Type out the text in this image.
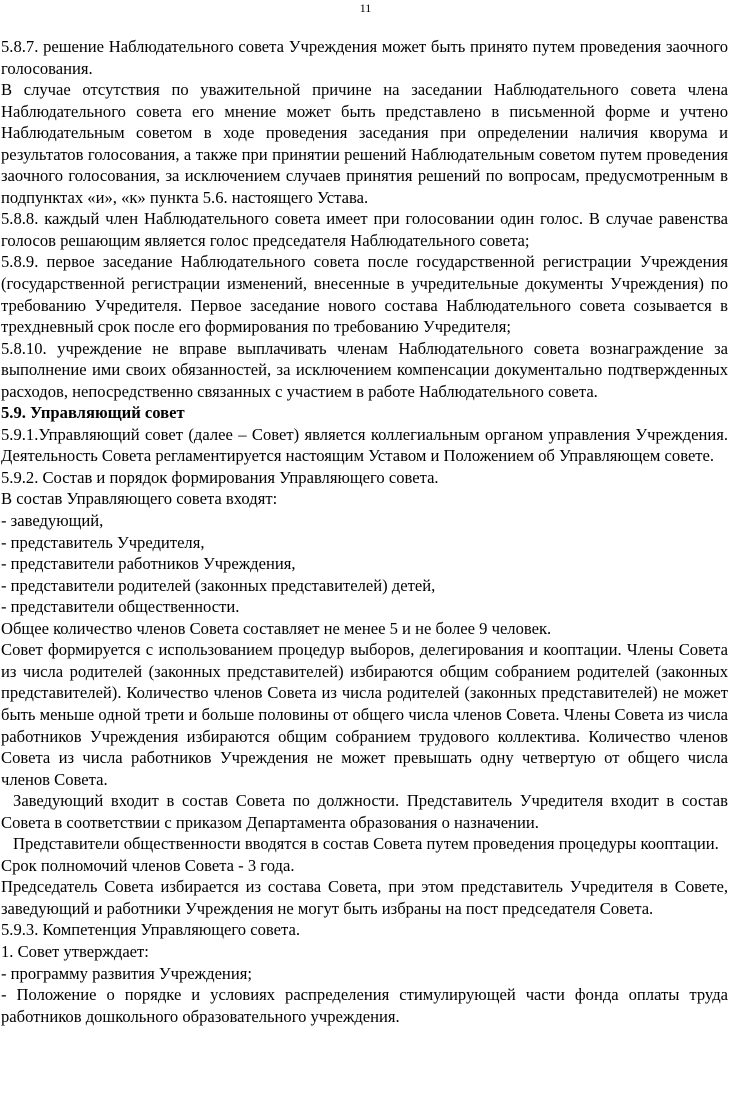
11

5.8.7. решение Наблюдательного совета Учреждения может быть принято путем проведения заочного голосования.

В случае отсутствия по уважительной причине на заседании Наблюдательного совета члена Наблюдательного совета его мнение может быть представлено в письменной форме и учтено Наблюдательным советом в ходе проведения заседания при определении наличия кворума и результатов голосования, а также при принятии решений Наблюдательным советом путем проведения заочного голосования, за исключением случаев принятия решений по вопросам, предусмотренным в подпунктах «и», «к» пункта 5.6. настоящего Устава.

5.8.8. каждый член Наблюдательного совета имеет при голосовании один голос. В случае равенства голосов решающим является голос председателя Наблюдательного совета;

5.8.9. первое заседание Наблюдательного совета после государственной регистрации Учреждения (государственной регистрации изменений, внесенные в учредительные документы Учреждения) по требованию Учредителя. Первое заседание нового состава Наблюдательного совета созывается в трехдневный срок после его формирования по требованию Учредителя;

5.8.10. учреждение не вправе выплачивать членам Наблюдательного совета вознаграждение за выполнение ими своих обязанностей, за исключением компенсации документально подтвержденных расходов, непосредственно связанных с участием в работе Наблюдательного совета.

5.9. Управляющий совет

5.9.1.Управляющий совет (далее – Совет) является коллегиальным органом управления Учреждения. Деятельность Совета регламентируется настоящим Уставом и Положением об Управляющем совете.

5.9.2. Состав и порядок формирования Управляющего совета.

В состав Управляющего совета входят:

- заведующий,

- представитель Учредителя,

- представители работников Учреждения,

- представители родителей (законных представителей) детей,

- представители общественности.

Общее количество членов Совета составляет не менее 5 и не более 9 человек.

Совет формируется с использованием процедур выборов, делегирования и кооптации. Члены Совета из числа родителей (законных представителей) избираются общим собранием родителей (законных представителей). Количество членов Совета из числа родителей (законных представителей) не может быть меньше одной трети и больше половины от общего числа членов Совета. Члены Совета из числа работников Учреждения избираются общим собранием трудового коллектива. Количество членов Совета из числа работников Учреждения не может превышать одну четвертую от общего числа членов Совета.

Заведующий входит в состав Совета по должности. Представитель Учредителя входит в состав Совета в соответствии с приказом Департамента образования о назначении.

Представители общественности вводятся в состав Совета путем проведения процедуры кооптации.

Срок полномочий членов Совета - 3 года.

Председатель Совета избирается из состава Совета, при этом представитель Учредителя в Совете, заведующий и работники Учреждения не могут быть избраны на пост председателя Совета.

5.9.3. Компетенция Управляющего совета.

1. Совет утверждает:

- программу развития Учреждения;

- Положение о порядке и условиях распределения стимулирующей части фонда оплаты труда работников дошкольного образовательного учреждения.
